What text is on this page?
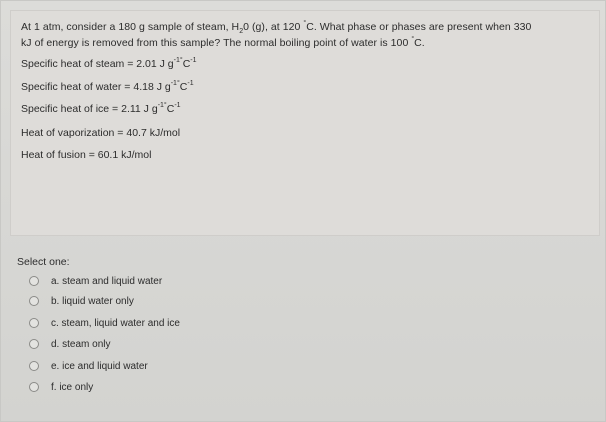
At 1 atm, consider a 180 g sample of steam, $H_20$ (g), at 120 °C. What phase or phases are present when 330
kJ of energy is removed from this sample? The normal boiling point of water is 100 °C.
Specific heat of steam = 2.01 J $g^{-1^\circ}C^{-1}$
Specific heat of water = 4.18 J $g^{-1^\circ}C^{-1}$
Specific heat of ice = 2.11 J $g^{-1^\circ}C^{-1}$
Heat of vaporization = 40.7 kJ/mol
Heat of fusion = 60.1 kJ/mol
Select one:
a. steam and liquid water
b. liquid water only
c. steam, liquid water and ice
d. steam only
e. ice and liquid water
f. ice only
